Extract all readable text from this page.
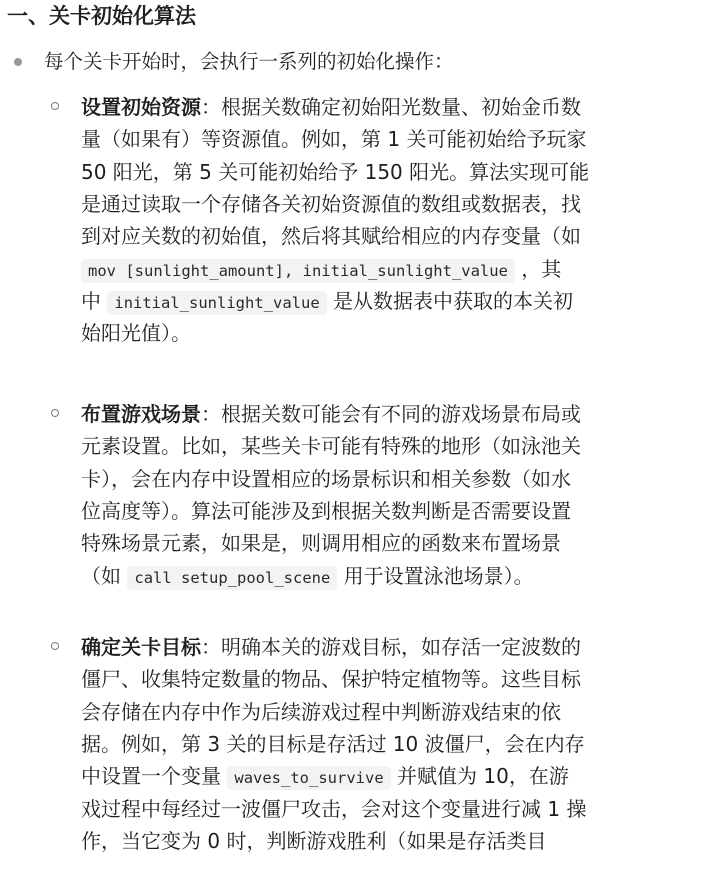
一、关卡初始化算法
每个关卡开始时，会执行一系列的初始化操作：
设置初始资源：根据关数确定初始阳光数量、初始金币数
量（如果有）等资源值。例如，第 1 关可能初始给予玩家
50 阳光，第 5 关可能初始给予 150 阳光。算法实现可能
是通过读取一个存储各关初始资源值的数组或数据表，找
到对应关数的初始值，然后将其赋给相应的内存变量（如
mov [sunlight_amount], initial_sunlight_value ，其
中 initial_sunlight_value 是从数据表中获取的本关初
始阳光值）。
布置游戏场景：根据关数可能会有不同的游戏场景布局或
元素设置。比如，某些关卡可能有特殊的地形（如泳池关
卡），会在内存中设置相应的场景标识和相关参数（如水
位高度等）。算法可能涉及到根据关数判断是否需要设置
特殊场景元素，如果是，则调用相应的函数来布置场景
（如 call setup_pool_scene 用于设置泳池场景）。
确定关卡目标：明确本关的游戏目标，如存活一定波数的
僵尸、收集特定数量的物品、保护特定植物等。这些目标
会存储在内存中作为后续游戏过程中判断游戏结束的依
据。例如，第 3 关的目标是存活过 10 波僵尸，会在内存
中设置一个变量 waves_to_survive 并赋值为 10，在游
戏过程中每经过一波僵尸攻击，会对这个变量进行减 1 操
作，当它变为 0 时，判断游戏胜利（如果是存活类目
